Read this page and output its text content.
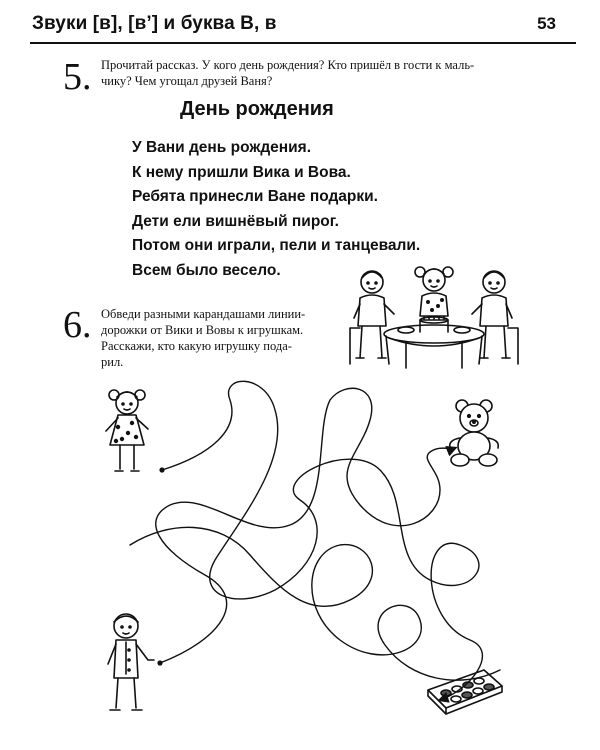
Звуки [в], [в’] и буква В, в	53
5. Прочитай рассказ. У кого день рождения? Кто пришёл в гости к маль-
чику? Чем угощал друзей Ваня?
День рождения
У Вани день рождения.
К нему пришли Вика и Вова.
Ребята принесли Ване подарки.
Дети ели вишнёвый пирог.
Потом они играли, пели и танцевали.
Всем было весело.
6. Обведи разными карандашами линии-
дорожки от Вики и Вовы к игрушкам.
Расскажи, кто какую игрушку пода-
рил.
